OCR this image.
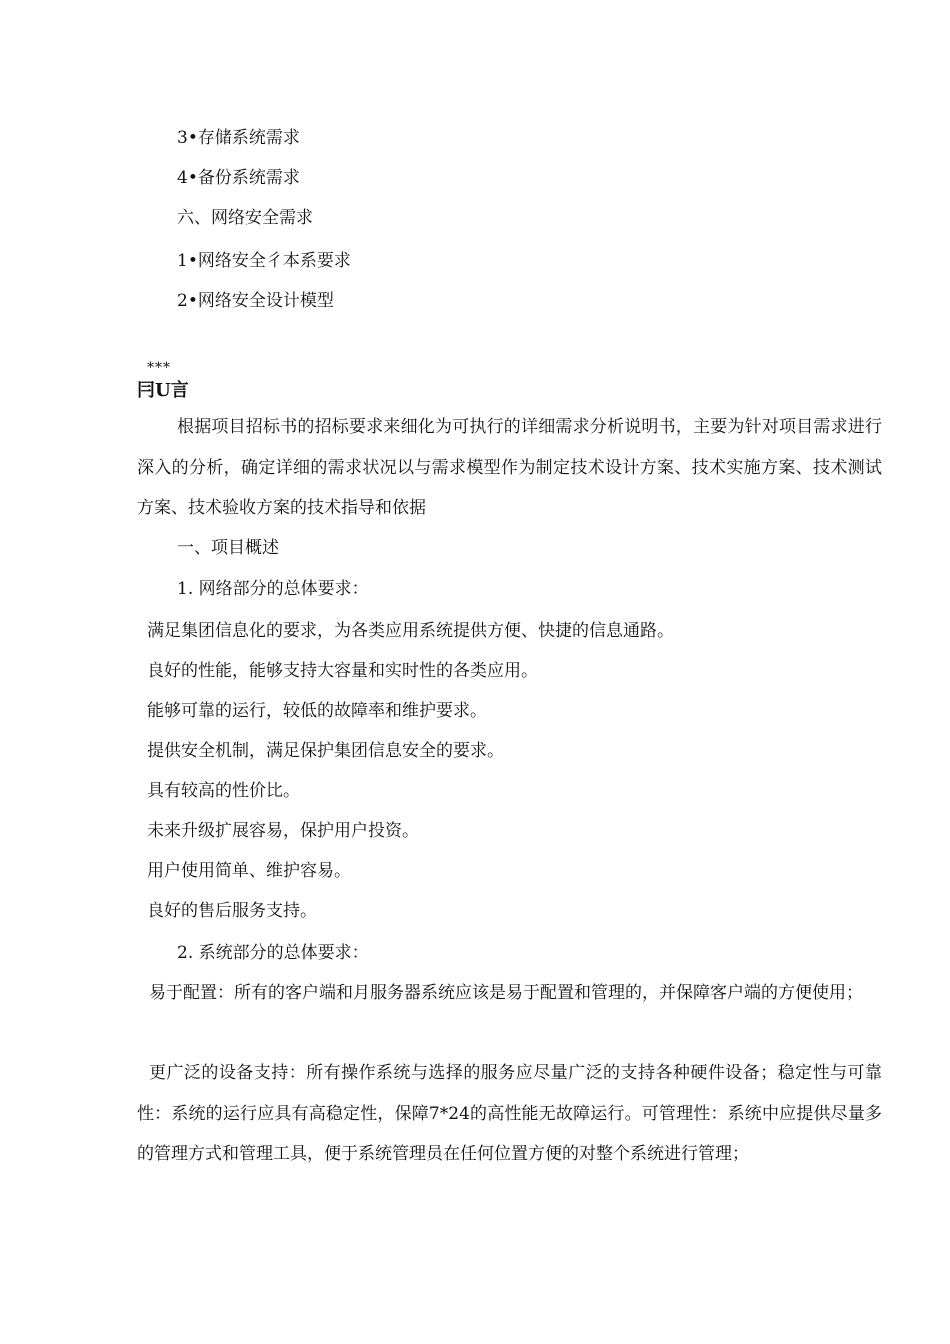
3•存储系统需求
4•备份系统需求
六、网络安全需求
1•网络安全彳本系要求
2•网络安全设计模型
***
冃U言
根据项目招标书的招标要求来细化为可执行的详细需求分析说明书，主要为针对项目需求进行深入的分析，确定详细的需求状况以与需求模型作为制定技术设计方案、技术实施方案、技术测试方案、技术验收方案的技术指导和依据
一、项目概述
1. 网络部分的总体要求：
满足集团信息化的要求，为各类应用系统提供方便、快捷的信息通路。
良好的性能，能够支持大容量和实时性的各类应用。
能够可靠的运行，较低的故障率和维护要求。
提供安全机制，满足保护集团信息安全的要求。
具有较高的性价比。
未来升级扩展容易，保护用户投资。
用户使用简单、维护容易。
良好的售后服务支持。
2. 系统部分的总体要求：
易于配置：所有的客户端和月服务器系统应该是易于配置和管理的，并保障客户端的方便使用；
更广泛的设备支持：所有操作系统与选择的服务应尽量广泛的支持各种硬件设备；稳定性与可靠性：系统的运行应具有高稳定性，保障7*24的高性能无故障运行。可管理性：系统中应提供尽量多的管理方式和管理工具，便于系统管理员在任何位置方便的对整个系统进行管理；
